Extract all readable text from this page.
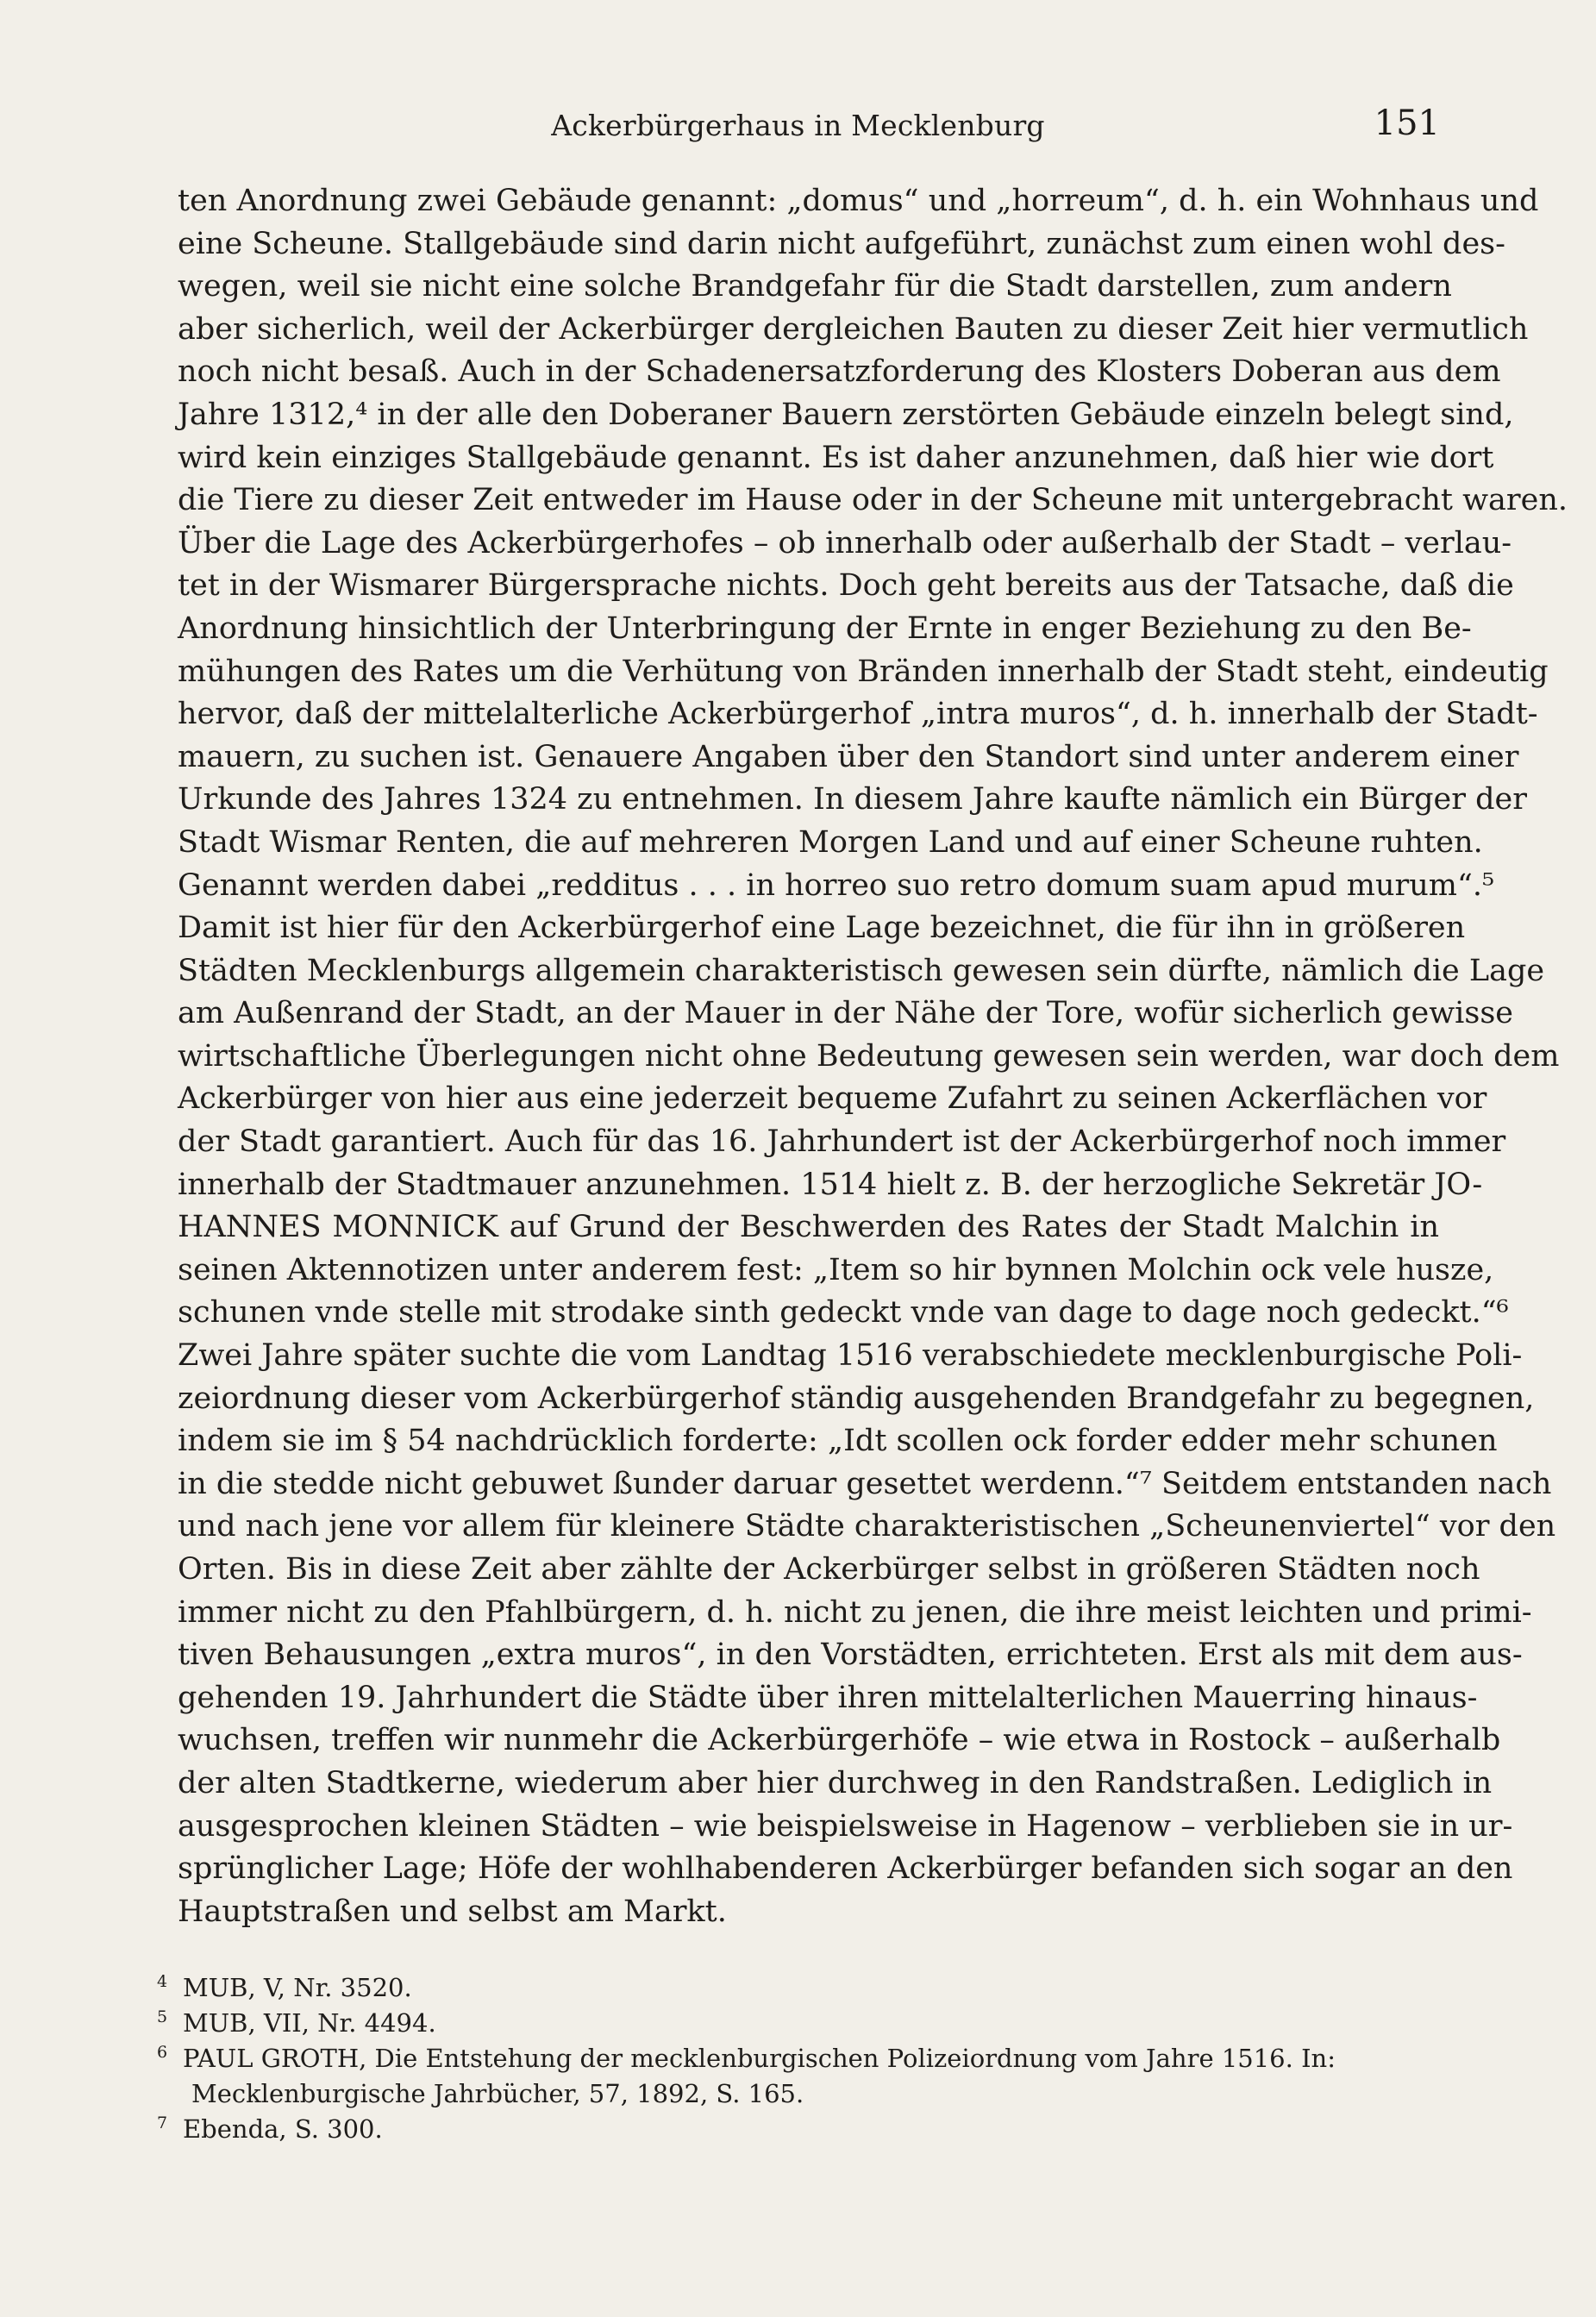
Ackerbürgerhaus in Mecklenburg	151
ten Anordnung zwei Gebäude genannt: „domus“ und „horreum“, d. h. ein Wohnhaus und
eine Scheune. Stallgebäude sind darin nicht aufgeführt, zunächst zum einen wohl des-
wegen, weil sie nicht eine solche Brandgefahr für die Stadt darstellen, zum andern
aber sicherlich, weil der Ackerbürger dergleichen Bauten zu dieser Zeit hier vermutlich
noch nicht besaß. Auch in der Schadenersatzforderung des Klosters Doberan aus dem
Jahre 1312,⁴ in der alle den Doberaner Bauern zerstörten Gebäude einzeln belegt sind,
wird kein einziges Stallgebäude genannt. Es ist daher anzunehmen, daß hier wie dort
die Tiere zu dieser Zeit entweder im Hause oder in der Scheune mit untergebracht waren.
Über die Lage des Ackerbürgerhofes – ob innerhalb oder außerhalb der Stadt – verlau-
tet in der Wismarer Bürgersprache nichts. Doch geht bereits aus der Tatsache, daß die
Anordnung hinsichtlich der Unterbringung der Ernte in enger Beziehung zu den Be-
mühungen des Rates um die Verhütung von Bränden innerhalb der Stadt steht, eindeutig
hervor, daß der mittelalterliche Ackerbürgerhof „intra muros“, d. h. innerhalb der Stadt-
mauern, zu suchen ist. Genauere Angaben über den Standort sind unter anderem einer
Urkunde des Jahres 1324 zu entnehmen. In diesem Jahre kaufte nämlich ein Bürger der
Stadt Wismar Renten, die auf mehreren Morgen Land und auf einer Scheune ruhten.
Genannt werden dabei „redditus . . . in horreo suo retro domum suam apud murum“.⁵
Damit ist hier für den Ackerbürgerhof eine Lage bezeichnet, die für ihn in größeren
Städten Mecklenburgs allgemein charakteristisch gewesen sein dürfte, nämlich die Lage
am Außenrand der Stadt, an der Mauer in der Nähe der Tore, wofür sicherlich gewisse
wirtschaftliche Überlegungen nicht ohne Bedeutung gewesen sein werden, war doch dem
Ackerbürger von hier aus eine jederzeit bequeme Zufahrt zu seinen Ackerflächen vor
der Stadt garantiert. Auch für das 16. Jahrhundert ist der Ackerbürgerhof noch immer
innerhalb der Stadtmauer anzunehmen. 1514 hielt z. B. der herzogliche Sekretär JO-
HANNES MONNICK auf Grund der Beschwerden des Rates der Stadt Malchin in
seinen Aktennotizen unter anderem fest: „Item so hir bynnen Molchin ock vele husze,
schunen vnde stelle mit strodake sinth gedeckt vnde van dage to dage noch gedeckt.“⁶
Zwei Jahre später suchte die vom Landtag 1516 verabschiedete mecklenburgische Poli-
zeiordnung dieser vom Ackerbürgerhof ständig ausgehenden Brandgefahr zu begegnen,
indem sie im § 54 nachdrücklich forderte: „Idt scollen ock forder edder mehr schunen
in die stedde nicht gebuwet ßunder daruar gesettet werdenn.“⁷ Seitdem entstanden nach
und nach jene vor allem für kleinere Städte charakteristischen „Scheunenviertel“ vor den
Orten. Bis in diese Zeit aber zählte der Ackerbürger selbst in größeren Städten noch
immer nicht zu den Pfahlbürgern, d. h. nicht zu jenen, die ihre meist leichten und primi-
tiven Behausungen „extra muros“, in den Vorstädten, errichteten. Erst als mit dem aus-
gehenden 19. Jahrhundert die Städte über ihren mittelalterlichen Mauerring hinaus-
wuchsen, treffen wir nunmehr die Ackerbürgerhöfe – wie etwa in Rostock – außerhalb
der alten Stadtkerne, wiederum aber hier durchweg in den Randstraßen. Lediglich in
ausgesprochen kleinen Städten – wie beispielsweise in Hagenow – verblieben sie in ur-
sprünglicher Lage; Höfe der wohlhabenderen Ackerbürger befanden sich sogar an den
Hauptstraßen und selbst am Markt.
4 MUB, V, Nr. 3520.
5 MUB, VII, Nr. 4494.
6 PAUL GROTH, Die Entstehung der mecklenburgischen Polizeiordnung vom Jahre 1516. In:
Mecklenburgische Jahrbücher, 57, 1892, S. 165.
7 Ebenda, S. 300.
